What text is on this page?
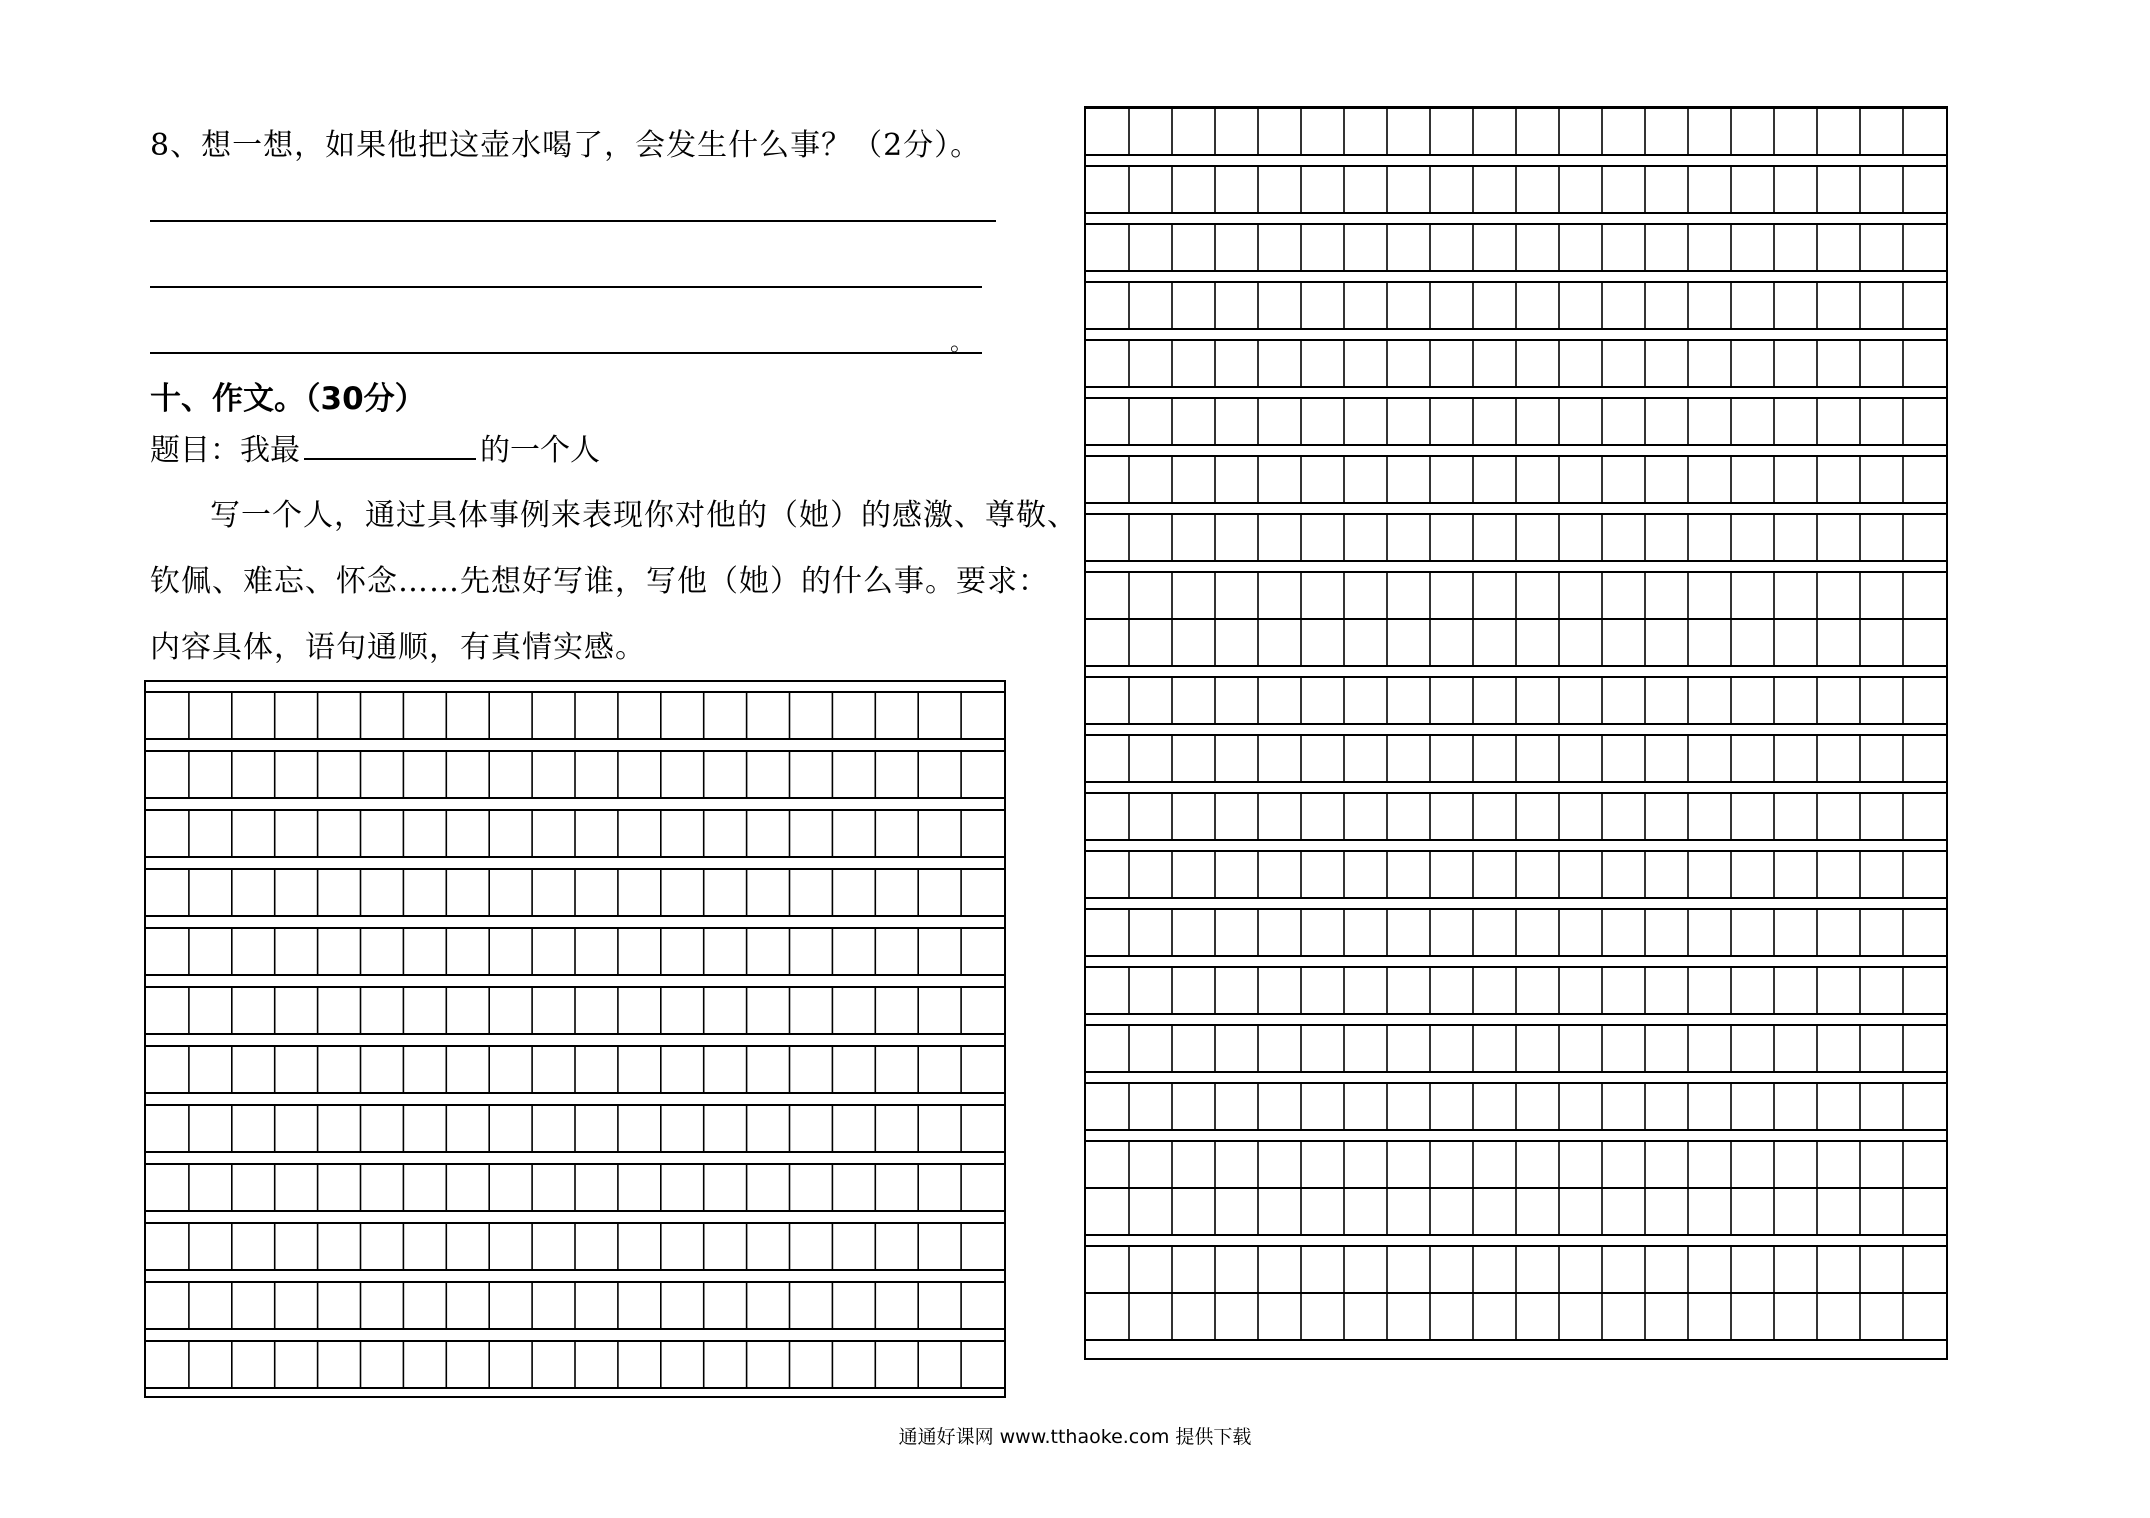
8、想一想，如果他把这壶水喝了，会发生什么事？（2分）。
。
十、作文。（30分）
题目：我最	的一个人
写一个人，通过具体事例来表现你对他的（她）的感激、尊敬、
钦佩、难忘、怀念……先想好写谁，写他（她）的什么事。要求：
内容具体，语句通顺，有真情实感。
通通好课网 www.tthaoke.com 提供下载
